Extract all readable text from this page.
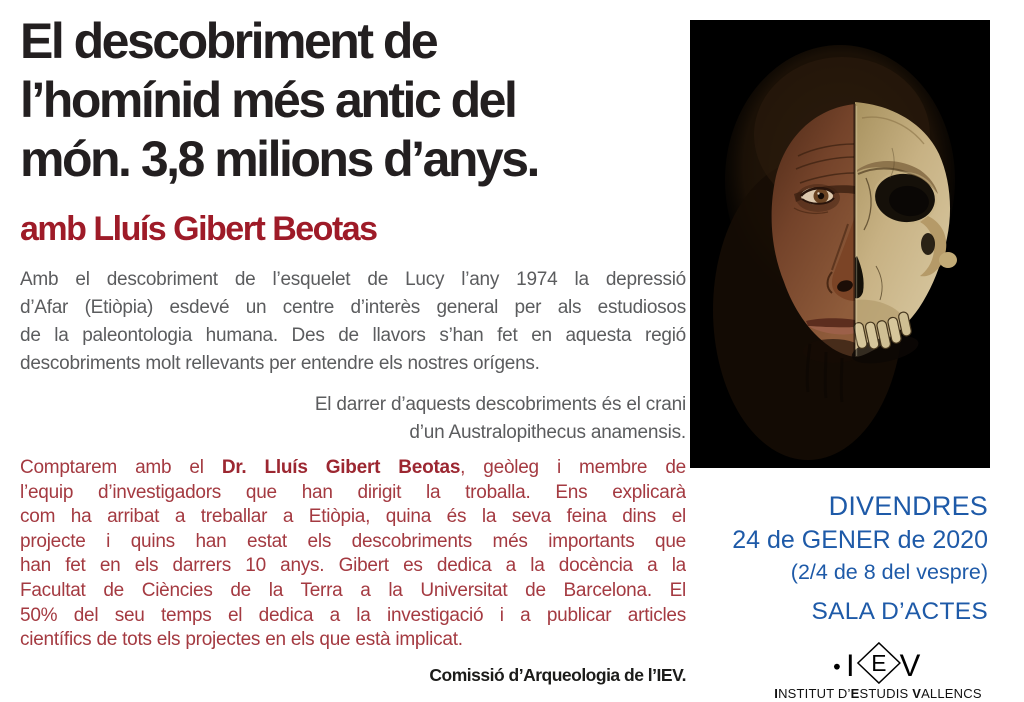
El descobriment de
l’homínid més antic del
món. 3,8 milions d’anys.
amb Lluís Gibert Beotas
Amb el descobriment de l’esquelet de Lucy l’any 1974 la depressió
d’Afar (Etiòpia) esdevé un centre d’interès general per als estudiosos
de la paleontologia humana. Des de llavors s’han fet en aquesta regió
descobriments molt rellevants per entendre els nostres orígens.
El darrer d’aquests descobriments és el crani
d’un Australopithecus anamensis.
Comptarem amb el Dr. Lluís Gibert Beotas, geòleg i membre de
l’equip d’investigadors que han dirigit la troballa. Ens explicarà
com ha arribat a treballar a Etiòpia, quina és la seva feina dins el
projecte i quins han estat els descobriments més importants que
han fet en els darrers 10 anys. Gibert es dedica a la docència a la
Facultat de Ciències de la Terra a la Universitat de Barcelona. El
50% del seu temps el dedica a la investigació i a publicar articles
científics de tots els projectes en els que està implicat.
Comissió d’Arqueologia de l’IEV.
DIVENDRES
24 de GENER de 2020
(2/4 de 8 del vespre)
SALA D’ACTES
I E V
INSTITUT D’ESTUDIS VALLENCS
